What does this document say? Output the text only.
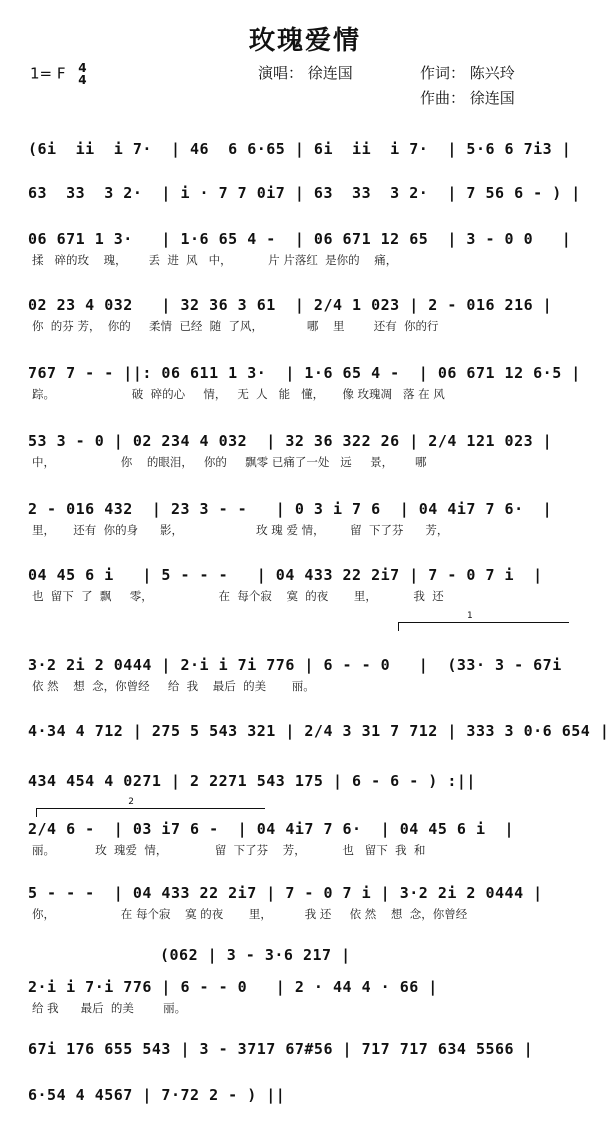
玫瑰爱情
1= F 4
4	演唱： 徐连国	作词： 陈兴玲
作曲： 徐连国
1
2
(6i  ii  i 7·  | 46  6 6·65 | 6i  ii  i 7·  | 5·6 6 7i3 |
63  33  3 2·  | i · 7 7 0i7 | 63  33  3 2·  | 7 56 6 - ) |
06 671 1 3·   | 1·6 65 4 -  | 06 671 12 65  | 3 - 0 0   |
揉   碎的玫    瑰，      丢  进  风   中，          片 片落红  是你的    痛，
02 23 4 032   | 32 36 3 61  | 2/4 1 023 | 2 - 016 216 |
你  的芬 芳，  你的     柔情  已经  随  了风，            哪    里        还有  你的行
767 7 - - ||: 06 611 1 3·  | 1·6 65 4 -  | 06 671 12 6·5 |
踪。                     破  碎的心     情，   无  人   能   懂，     像 玫瑰凋   落 在 风
53 3 - 0 | 02 234 4 032  | 32 36 322 26 | 2/4 121 023 |
中，                  你    的眼泪，   你的     飘零 已痛了一处   远     景，      哪
2 - 016 432  | 23 3 - -   | 0 3 i 7 6  | 04 4i7 7 6·  |
里，     还有  你的身      影，                    玫 瑰 爱 情，       留  下了芬      芳，
04 45 6 i   | 5 - - -   | 04 433 22 2i7 | 7 - 0 7 i  |
也  留下  了  飘     零，                  在  每个寂    寞  的夜       里，          我  还
3·2 2i 2 0444 | 2·i i 7i 776 | 6 - - 0   |  (33· 3 - 67i
依 然    想  念，你曾经     给  我    最后  的美       丽。
4·34 4 712 | 275 5 543 321 | 2/4 3 31 7 712 | 333 3 0·6 654 |
434 454 4 0271 | 2 2271 543 175 | 6 - 6 - ) :||
2/4 6 -  | 03 i7 6 -  | 04 4i7 7 6·  | 04 45 6 i  |
丽。           玫  瑰爱  情，             留  下了芬    芳，          也   留下  我  和
5 - - -  | 04 433 22 2i7 | 7 - 0 7 i | 3·2 2i 2 0444 |
你，                  在 每个寂    寞 的夜       里，         我 还     依 然    想  念，你曾经
(062 | 3 - 3·6 217 |
2·i i 7·i 776 | 6 - - 0   | 2 · 44 4 · 66 |
给 我      最后  的美        丽。
67i 176 655 543 | 3 - 3717 67#56 | 717 717 634 5566 |
6·54 4 4567 | 7·72 2 - ) ||
